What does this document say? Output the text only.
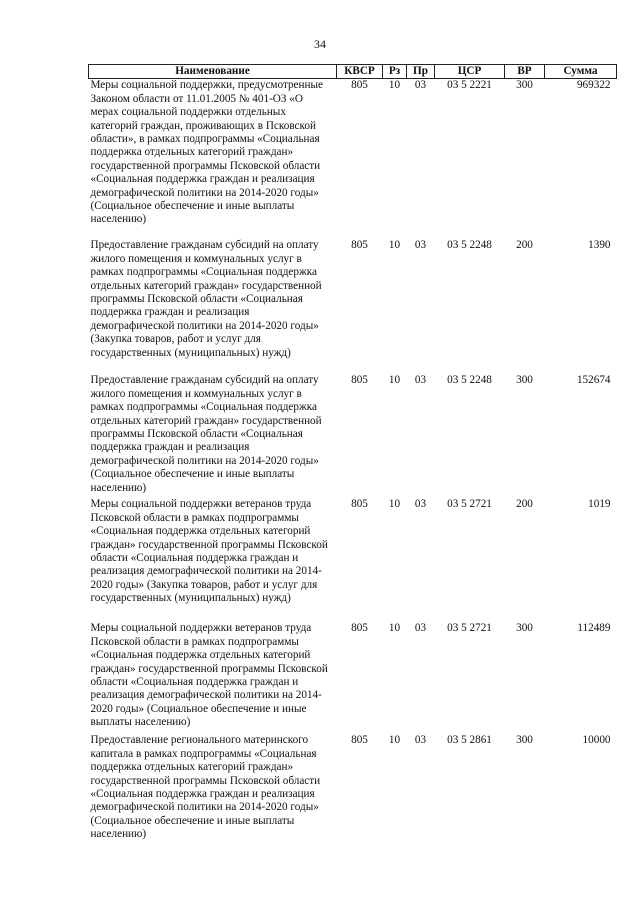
34
Наименование	КВСР	Рз	Пр	ЦСР	ВР	Сумма
Меры социальной поддержки, предусмотренные Законом области от 11.01.2005 № 401-ОЗ «О мерах социальной поддержки отдельных категорий граждан, проживающих в Псковской области», в рамках подпрограммы «Социальная поддержка отдельных категорий граждан» государственной программы Псковской области «Социальная поддержка граждан и реализация демографической политики на 2014-2020 годы» (Социальное обеспечение и иные выплаты населению)	805	10	03	03 5 2221	300	969322
Предоставление гражданам субсидий на оплату жилого помещения и коммунальных услуг в рамках подпрограммы «Социальная поддержка отдельных категорий граждан» государственной программы Псковской области «Социальная поддержка граждан и реализация демографической политики на 2014-2020 годы» (Закупка товаров, работ и услуг для государственных (муниципальных) нужд)	805	10	03	03 5 2248	200	1390
Предоставление гражданам субсидий на оплату жилого помещения и коммунальных услуг в рамках подпрограммы «Социальная поддержка отдельных категорий граждан» государственной программы Псковской области «Социальная поддержка граждан и реализация демографической политики на 2014-2020 годы» (Социальное обеспечение и иные выплаты населению)	805	10	03	03 5 2248	300	152674
Меры социальной поддержки ветеранов труда Псковской области в рамках подпрограммы «Социальная поддержка отдельных категорий граждан» государственной программы Псковской области «Социальная поддержка граждан и реализация демографической политики на 2014-2020 годы» (Закупка товаров, работ и услуг для государственных (муниципальных) нужд)	805	10	03	03 5 2721	200	1019
Меры социальной поддержки ветеранов труда Псковской области в рамках подпрограммы «Социальная поддержка отдельных категорий граждан» государственной программы Псковской области «Социальная поддержка граждан и реализация демографической политики на 2014-2020 годы» (Социальное обеспечение и иные выплаты населению)	805	10	03	03 5 2721	300	112489
Предоставление регионального материнского капитала в рамках подпрограммы «Социальная поддержка отдельных категорий граждан» государственной программы Псковской области «Социальная поддержка граждан и реализация демографической политики на 2014-2020 годы» (Социальное обеспечение и иные выплаты населению)	805	10	03	03 5 2861	300	10000
